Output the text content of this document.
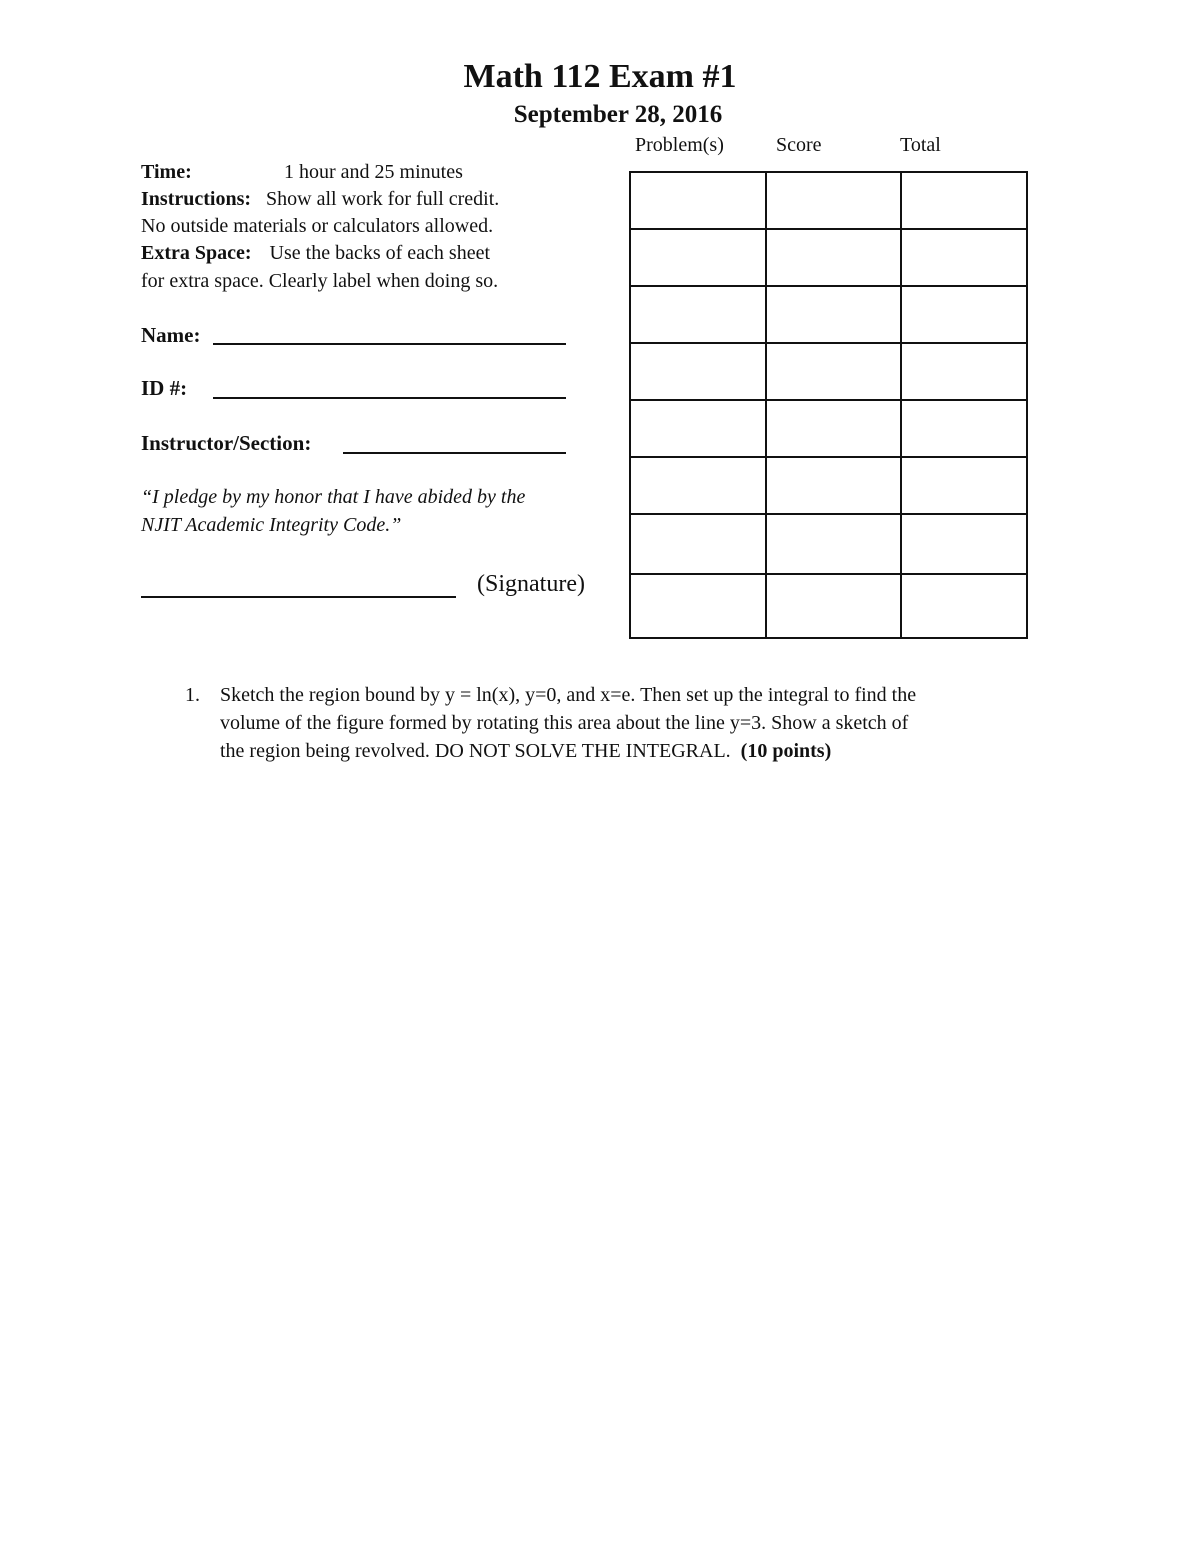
Math 112 Exam #1
September 28, 2016
Problem(s)	Score	Total

Time:	1 hour and 25 minutes
Instructions: Show all work for full credit.
No outside materials or calculators allowed.
Extra Space: Use the backs of each sheet
for extra space. Clearly label when doing so.
Name:
ID #:
Instructor/Section:
“I pledge by my honor that I have abided by the
NJIT Academic Integrity Code.”
(Signature)
1. Sketch the region bound by y = ln(x), y=0, and x=e. Then set up the integral to find the
volume of the figure formed by rotating this area about the line y=3. Show a sketch of
the region being revolved. DO NOT SOLVE THE INTEGRAL. (10 points)
